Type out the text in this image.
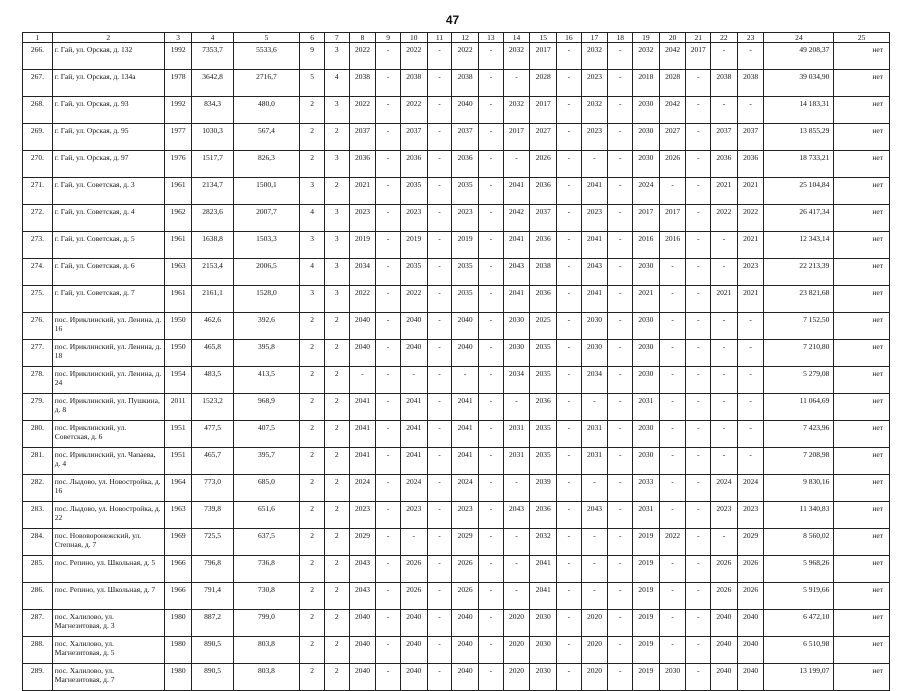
47
1	2	3	4	5	6	7	8	9	10	11	12	13	14	15	16	17	18	19	20	21	22	23	24	25
266.	г. Гай, ул. Орская, д. 132	1992	7353,7	5533,6	9	3	2022	-	2022	-	2022	-	2032	2017	-	2032	-	2032	2042	2017	-	-	49 208,37	нет
267.	г. Гай, ул. Орская, д. 134а	1978	3642,8	2716,7	5	4	2038	-	2038	-	2038	-	-	2028	-	2023	-	2018	2028	-	2038	2038	39 034,90	нет
268.	г. Гай, ул. Орская, д. 93	1992	834,3	480,0	2	3	2022	-	2022	-	2040	-	2032	2017	-	2032	-	2030	2042	-	-	-	14 183,31	нет
269.	г. Гай, ул. Орская, д. 95	1977	1030,3	567,4	2	2	2037	-	2037	-	2037	-	2017	2027	-	2023	-	2030	2027	-	2037	2037	13 855,29	нет
270.	г. Гай, ул. Орская, д. 97	1976	1517,7	826,3	2	3	2036	-	2036	-	2036	-	-	2026	-	-	-	2030	2026	-	2036	2036	18 733,21	нет
271.	г. Гай, ул. Советская, д. 3	1961	2134,7	1500,1	3	2	2021	-	2035	-	2035	-	2041	2036	-	2041	-	2024	-	-	2021	2021	25 104,84	нет
272.	г. Гай, ул. Советская, д. 4	1962	2823,6	2007,7	4	3	2023	-	2023	-	2023	-	2042	2037	-	2023	-	2017	2017	-	2022	2022	26 417,34	нет
273.	г. Гай, ул. Советская, д. 5	1961	1638,8	1503,3	3	3	2019	-	2019	-	2019	-	2041	2036	-	2041	-	2016	2016	-	-	2021	12 343,14	нет
274.	г. Гай, ул. Советская, д. 6	1963	2153,4	2006,5	4	3	2034	-	2035	-	2035	-	2043	2038	-	2043	-	2030	-	-	-	2023	22 213,39	нет
275.	г. Гай, ул. Советская, д. 7	1961	2161,1	1528,0	3	3	2022	-	2022	-	2035	-	2041	2036	-	2041	-	2021	-	-	2021	2021	23 821,68	нет
276.	пос. Ириклинский, ул. Ленина, д. 16	1950	462,6	392,6	2	2	2040	-	2040	-	2040	-	2030	2025	-	2030	-	2030	-	-	-	-	7 152,50	нет
277.	пос. Ириклинский, ул. Ленина, д. 18	1950	465,8	395,8	2	2	2040	-	2040	-	2040	-	2030	2035	-	2030	-	2030	-	-	-	-	7 210,80	нет
278.	пос. Ириклинский, ул. Ленина, д. 24	1954	483,5	413,5	2	2	-	-	-	-	-	-	2034	2035	-	2034	-	2030	-	-	-	-	5 279,08	нет
279.	пос. Ириклинский, ул. Пушкина, д. 8	2011	1523,2	968,9	2	2	2041	-	2041	-	2041	-	-	2036	-	-	-	2031	-	-	-	-	11 064,69	нет
280.	пос. Ириклинский, ул. Советская, д. 6	1951	477,5	407,5	2	2	2041	-	2041	-	2041	-	2031	2035	-	2031	-	2030	-	-	-	-	7 423,96	нет
281.	пос. Ириклинский, ул. Чапаева, д. 4	1951	465,7	395,7	2	2	2041	-	2041	-	2041	-	2031	2035	-	2031	-	2030	-	-	-	-	7 208,98	нет
282.	пос. Лыдово, ул. Новостройка, д. 16	1964	773,0	685,0	2	2	2024	-	2024	-	2024	-	-	2039	-	-	-	2033	-	-	2024	2024	9 830,16	нет
283.	пос. Лыдово, ул. Новостройка, д. 22	1963	739,8	651,6	2	2	2023	-	2023	-	2023	-	2043	2036	-	2043	-	2031	-	-	2023	2023	11 340,83	нет
284.	пос. Нововоронежский, ул. Степная, д. 7	1969	725,5	637,5	2	2	2029	-	-	-	2029	-	-	2032	-	-	-	2019	2022	-	-	2029	8 560,02	нет
285.	пос. Репино, ул. Школьная, д. 5	1966	796,8	736,8	2	2	2043	-	2026	-	2026	-	-	2041	-	-	-	2019	-	-	2026	2026	5 968,26	нет
286.	пос. Репино, ул. Школьная, д. 7	1966	791,4	730,8	2	2	2043	-	2026	-	2026	-	-	2041	-	-	-	2019	-	-	2026	2026	5 919,66	нет
287.	пос. Халилово, ул. Магнезитовая, д. 3	1980	887,2	799,0	2	2	2040	-	2040	-	2040	-	2020	2030	-	2020	-	2019	-	-	2040	2040	6 472,10	нет
288.	пос. Халилово, ул. Магнезитовая, д. 5	1980	890,5	803,8	2	2	2040	-	2040	-	2040	-	2020	2030	-	2020	-	2019	-	-	2040	2040	6 510,98	нет
289.	пос. Халилово, ул. Магнезитовая, д. 7	1980	890,5	803,8	2	2	2040	-	2040	-	2040	-	2020	2030	-	2020	-	2019	2030	-	2040	2040	13 199,07	нет
